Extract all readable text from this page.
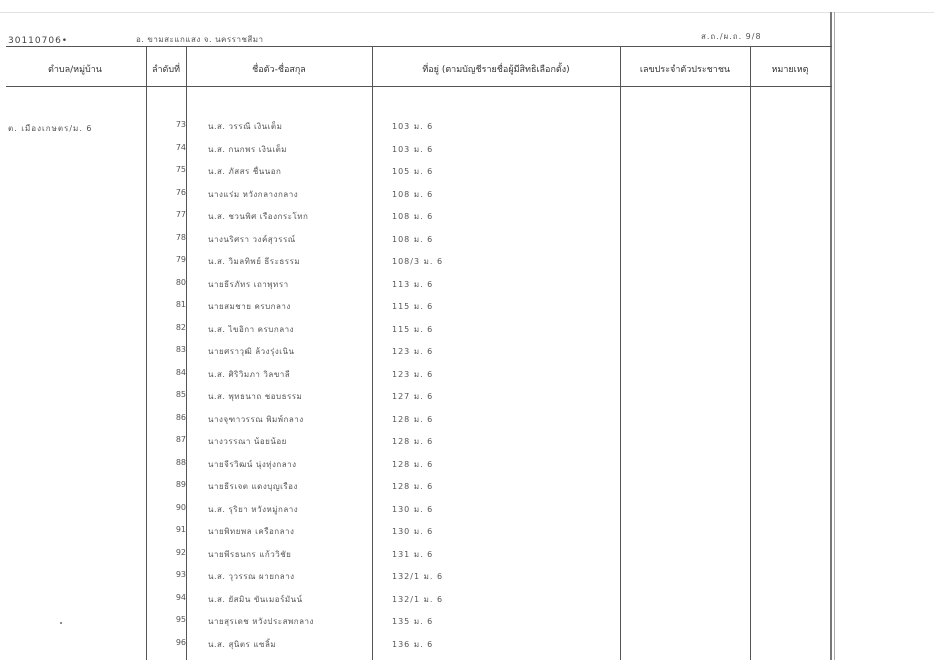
30110706•	อ. ขามสะแกแสง จ. นครราชสีมา	ส.ถ./ผ.ถ. 9/8
ตำบล/หมู่บ้าน	ลำดับที่	ชื่อตัว-ชื่อสกุล	ที่อยู่ (ตามบัญชีรายชื่อผู้มีสิทธิเลือกตั้ง)	เลขประจำตัวประชาชน	หมายเหตุ
ต. เมืองเกษตร/ม. 6	73	น.ส. วรรณี เงินเต็ม	103 ม. 6
74	น.ส. กนกพร เงินเต็ม	103 ม. 6
75	น.ส. ภัสสร ชื่นนอก	105 ม. 6
76	นางแร่ม หวังกลางกลาง	108 ม. 6
77	น.ส. ชวนพิศ เรืองกระโทก	108 ม. 6
78	นางนริศรา วงค์สุวรรณ์	108 ม. 6
79	น.ส. วิมลทิพย์ ธีระธรรม	108/3 ม. 6
80	นายธีรภัทร เถาพุทรา	113 ม. 6
81	นายสมชาย ครบกลาง	115 ม. 6
82	น.ส. ไขอิกา ครบกลาง	115 ม. 6
83	นายศราวุฒิ ล้วงรุ่งเนิน	123 ม. 6
84	น.ส. ศิริวิมภา วิลขาลี	123 ม. 6
85	น.ส. พุทธนาถ ชอบธรรม	127 ม. 6
86	นางจุฑาวรรณ พิมพ์กลาง	128 ม. 6
87	นางวรรณา น้อยน้อย	128 ม. 6
88	นายจีรวิฒน์ นุ่งทุ่งกลาง	128 ม. 6
89	นายธีรเจต แดงบุญเรือง	128 ม. 6
90	น.ส. รุริยา หวังหมู่กลาง	130 ม. 6
91	นายพิทยพล เครือกลาง	130 ม. 6
92	นายพีรธนกร แก้ววิชัย	131 ม. 6
93	น.ส. วุวรรณ ผายกลาง	132/1 ม. 6
94	น.ส. ยัสมิน ขันเมอร์มันน์	132/1 ม. 6
95	นายสุรเดช หวังประสพกลาง	135 ม. 6
96	น.ส. สุนิตร แซลิ้ม	136 ม. 6
